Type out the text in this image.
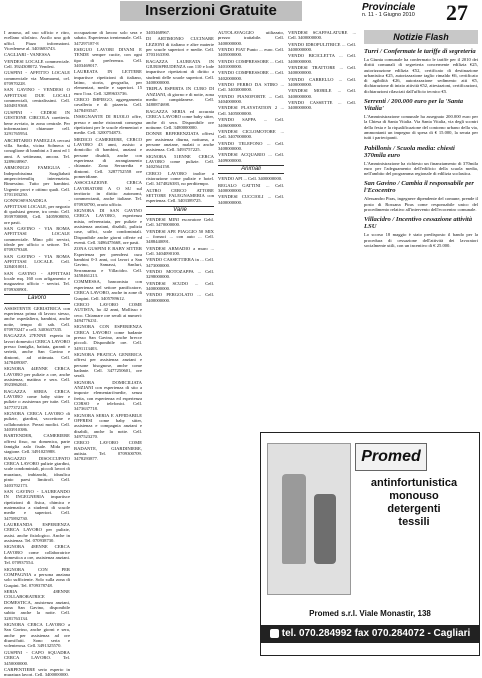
Inserzioni Gratuite	Provinciale
n. 11 - 1 Giugno 2010 27

I annoso, ad uso ufficio e ritro, ecellano silofatro. Ascilo uno gob ufficl. Piazo informatoni. Vicedenese al. 3403683743.

CAGLIARI - VANESSA

VENDESI LOCALE commerciale. Cell. 3924308072. Vendesi.

GUSPINI - AFFITTO LOCALE commerciale via Marmarmi, cel. 070970228.

SAN GAVINO - VENDESI O AFFITTASI DUE LOCALI commerciali, centralissimi. Cell. 3404819368.

GUSPINI - CEDESI IN GESTIONE CIRCOLA caretteria. bene avviato, in zona centrale. Per informazioni chiamare cell. 3291765954.

ARCHITARIO FAMIGLIA cercasi villa. Sardia, vicina Solmeca si conoglione di bambini a 3 anni ed 1 anni. A settimana, ancora. Tel. 3289638967.

ARMONIGO FAMIGLIA - Indeprobissima Soagliabati amperciviemiliq interenzieia. Bimessino. Tutto per bambini. Urgente provi e ottimo quali. Cell. 3701183250.

GONNOSFANADIGA - AFFITTASI LOCALE, per negozio di qualsiasi genere, tra cento. Cell. 3939700088, Cell. 3405908050, ore pasti.

SAN GAVINO - VIA ROMA AFFITTASI LOCALE commerciale. Mino pfit servizi, ideale per ufficio o settore. Tel. 0709379348.

SAN GAVINO - VIA ROMA AFFITTASI LOCALE. Cell. 3284010011.

SAN GAVINO - AFFITTASI locale mq. 160 con arligamento e magazzino ufficio - servizi. Tel. 0709300901.

Lavoro

ASSISTENTE GERIATRICA con esperienza prima di lavoro stesso, anche ospedaliera, bambini, anche notte, tempo di sab. Cell. 070970247 o cell. 3403637335.

RAGAZZA 27ENNE esperta in lavori domestici CERCA LAVORO presso famiglia, baitata, garanti e serietà, anche San Gavino e dintorni, ad ottimata. Cell. 3478489387.

SIGNORA 44ENNE CERCA LAVORO per pulizie a ore, anche assistenza, mattina e sera. Cell. 3923862041.

RAGAZZA SERIA CERCA LAVORO come baby sitter e pulizie o assistenza per tutte. Cell. 3477372128.

SIGNORA CERCA LAVORO di pulizie, giardini, vaccettone e collaboratrice. Prezzi modici. Cell. 3403910386.

BARTENDER, CAMERIERE offresi fisso, no domenica, parte famiglia zalo fisale. Mida per stagione. Cell. 3491025988.

RAGAZZO DISOCCUPATO CERCA LAVORO pulizie giardini, scale condominiali, piccoli lavori di muratura, imbianchi, idraulica pinio paesi limitrofi. Cell. 3403702173.

SAN GAVINO - LAUREANDO IN INGEGNERIA impartisce ripetizioni di fisica, chimica e matematica a studenti di scuole medie e superiori. Cell. 3475892730.

LAUREANDA ESPERIENZA CERCA LAVORO per pulizie, assist. anche fisiologico. Anche in assistenza. Tel. 070938730.

SIGNORA 48ENNE CERCA LAVORO come collaboratrice domestica a ore, assistenza anziani. Tel. 070937554.

SIGNORA CON PER COMPAGNIA a persona anziana solo sufficiente. Solo sulla zona di Guspini. Tel. 0709378748.

SERIA 48ENNE COLLABORATRICE DOMESTICA, assistenza anziani, zona San Gavino, disponibile subito anche la notte. Cell. 3281763134.

SIGNORA CERCA LAVORO a San Gavino, anche giorni e sera, anche per assistenza ad ore diurni/fatti. Sono seria e volenterosa. Cell. 3491325570.

GUSPINI - CAPO SQUADRA CERCA LAVORO. Tel. 3450000000.

CARPENTIERE serio esperto in muratura lavori. Cell. 3400000000.

occupazione di lavoro solo sera e sabato. Esperienza trentennale. Cell. 347297187-8

ESEGUO LAVORI DIVANI E TENDE sempre cucite, con ogni tipo di preferenza. Cell. 3403469017.

LAUREATA IN LETTERE impartisce ripetizioni di italiano, latino, storia, geografia, per elementari, medie e superiori. 15 euro l'ora. Cell. 3289633736.

CERCO IMPIEGO, aggregamento cavalleria e di pizzeria. Cell. 3478493547.

INSEGNANTE DI RUOLO offre, presso e anche ristoranti consegna ripetizioni per le scuole elementari e medie. Cell. 3200754873.

MEDICO CAMERIERE, CERCO LAVORO 43 anni, assisto a domicilio di bambini, anziani e persone disabili, anche con esperienza di arrangiamento chiamate. Zona Serraredia e dintorni. Cell. 3287752558 ore pomeridiane.

ASSOCIAZIONE CERCA LAVORATORI A O SU sul territorio in diritto autonomi, commercianti, anche italiane. Tel. 070938700, orario ufficio.

SIGNORA DI SAN GAVINO CERCA LAVORO, esperienza mista, referenziata, per pulizie e assistenza anziani, disabili, pulizia case, uffici, scale condominiali. Disponibile anche giorni offerte ed eventi. Cell. 3486475668, ore pasti.

ZONA GUSPINI E BABY SITTER Esperienza per prendersi cura bambini 0-3 anni, coi lavori a San Gavino, Samassi, Sanluri, Serramanna e Villacidro. Cell. 3458461213.

COMMESSA, banconista con esperienza nel settore panificatore, CERCA LAVORO, anche in zone di Guspini. Cell. 3405789612.

CERCO LAVORO COME AUTISTA, ho 42 anni, Mollisso e ceco. Chiamare ore serali ai numeri: 3494776231.

SIGNORA CON ESPERIENZA CERCA LAVORO come badante presso San Gavino, anche brecce piccoli. Disponibile ore. Cell. 3491113403.

SIGNORA PRATICA GENERICA offresi per assistenza anziani e persone bisognose, anche come badante. Cell. 3477250601, ore serali.

SIGNORA DOMICILIATA ANZIANI con esperienza di sito a imposte elementari/medie, senza fretta, con esperienza ed esperienza CORSO e telefonici. Cell. 3473637718.

SIGNORA SERIA E AFFIDABILE OFFRESI come baby sitter, assistenza e compagnia anziani e disabili, anche la notte. Cell. 3497523270.

CERCO LAVORO COME BADANTE, GIARDINIERE, autista. Tel. 0709300709. 3478293877.

3403468967.

DI ARTIMONIO CUCINARE LEZIONI di italiano e altre materie per scuole superiori e medie. Cell. 3703163390.

RAGAZZA LAUREATA IN GIURISPRUDENZA con 110 e lode impartisce ripetizioni di diritto a studenti delle scuole superiori. Cell. 3400000000.

TRIPLA ESPERTA IN CURO DI ANZIANI, di giorno e di notte, zona medio campidanese. Cell. 3480874698.

RAGAZZA SERIA ed accurata CERCA LAVORO come baby sitter, anche di sera. Disponibile ore notturne. Cell. 3480000000.

DONNE REFERENZIATA offresi per assistenza diurna, notturna, a persone anziane, malati o anche assistenza. Cell. 3493757225.

SIGNORA 51ENNE CERCA LAVORO come pulizie. Cell. 3402564158.

CERCO LAVORO inoltre a ristorazione come pulizie e hotel. Cell. 3474826383, no perditempo.

ALTRO CERCO ATTORE SETTORE FALEGNAMERIA con esperienza. Cell. 3403389725.

Varie

VENDESI MINI escavatore Gehl. Cell. 3470000000.

VENDESI APE PIAGGIO 50 MIX ... fornaci ... con auto ... Cell. 3488440091.

VENDESI ARMADIO a muro ... Cell. 3404090100.

VENDO CASSETTIERA in ... Cell. 3473000000.

VENDO MOTOZAPPA ... Cell. 3298000000.

VENDESI SCUDO ... Cell. 3400000000.

VENDO PERGOLATO ... Cell. 3400000000.

AUTOLAVAGGIO utilizzato, prezzo trattabile. Cell. 3400000000.

VENDO FIAT Punto ... euro. Cell. 3405000000.

VENDO COMPRESSORE ... Cell. 3401000000.

VENDO COMPRESSORE ... Cell. 3402000000.

VENDO FERRO DA STIRO ... Cell. 3403000000.

VENDO PIANOFORTE ... Cell. 3404000000.

VENDESI PLAYSTATION 2 ... Cell. 3405000000.

VENDO SAPPA ... Cell. 3406000000.

VENDESI CICLOMOTORE ... Cell. 3407000000.

VENDO TELEFONO ... Cell. 3408000000.

VENDESI ACQUARIO ... Cell. 3409000000.

Animali

VENDO API ... Cell. 3400000000.

REGALO GATTINI ... Cell. 3400000000.

VENDESI CUCCIOLI ... Cell. 3400000000.

VENDESI SCAFFALATURE ... Cell. 3400000000.

VENDO IDROPULITRICE ... Cell. 3400000000.

VENDO BICICLETTA ... Cell. 3400000000.

VENDESI TRATTORE ... Cell. 3400000000.

VENDO CARRELLO ... Cell. 3400000000.

VENDESI MOBILE ... Cell. 3400000000.

VENDO CASSETTE ... Cell. 3400000000.

Notizie Flash
Turri / Confermate le tariffe di segreteria

La Giunta comunale ha confermato le tariffe per il 2010 dei diritti comunali di segreteria concernente edilizia €25, autorizzazione edilizia €52, certificato di destinazione urbanistica €25, autorizzazione taglio rimaldo €6, certificato di agibilità €26, autorizzazione sedimento atti €5, dichiarazione di inizio attività €52, attestazioni, certificazioni, dichiarazioni rilasciati dall'ufficio tecnico €5.

Serrenti / 200.000 euro per la 'Santa Vitalia'

L'Amministrazione comunale ha assegnato 200.000 euro per la Chiesa di Santa Vitalia. Via Santa Vitalia, via degli scontri della festa e la riqualificazione del contorno urbano della via, ammontanti un impegno di spesa di € 15.000, la serata per tutti i partecipanti.

Pabillonis / Scuola media: chiesti 370mila euro

L'Amministrazione ha richiesto un finanziamento di 370mila euro per l'adeguamento dell'edificio della scuola media, nell'ambito del programma regionale di edilizia scolastica.

San Gavino / Cambia il responsabile per l'Ecocentro

Alessandro Piras, ingegnere dipendente del comune, prende il posto di Rossana Piras come responsabile unico del procedimento relativo all'intervento dell'ecocentro comunale.

Villacidro / Incentivo cessazione attività LSU

Lo scorso 18 maggio è stato predisposto il bando per la procedura di cessazione dell'attività dei lavoratori socialmente utili, con un incentivo di € 25.000.

Promed
antinfortunistica
monouso
detergenti
tessili
Promed s.r.l. Viale Monastir, 138
tel. 070.284992 fax 070.284072 - Cagliari
